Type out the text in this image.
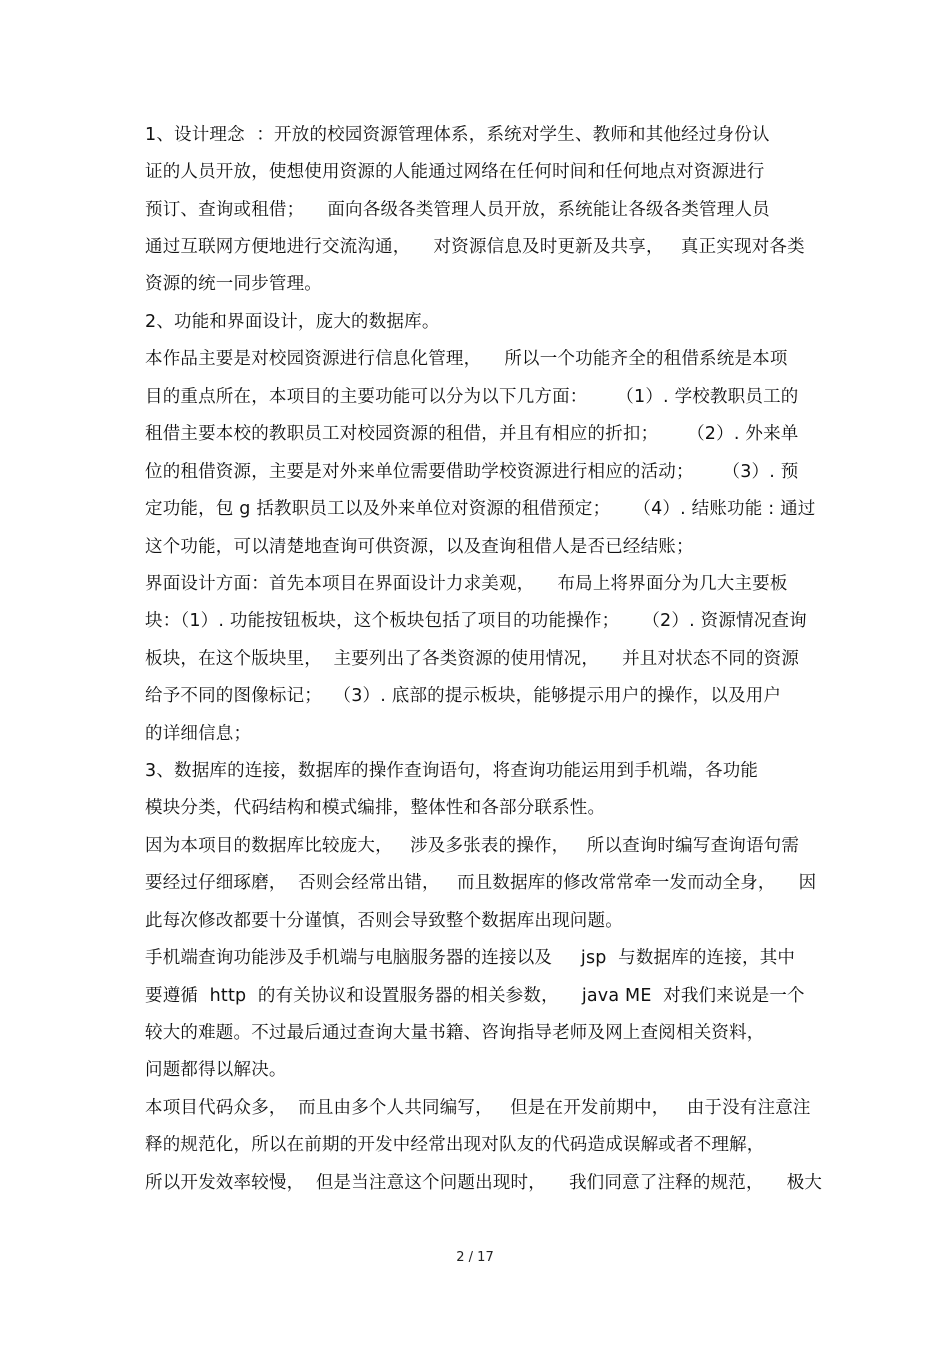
1、设计理念  ：开放的校园资源管理体系，系统对学生、教师和其他经过身份认
证的人员开放，使想使用资源的人能通过网络在任何时间和任何地点对资源进行
预订、查询或租借；    面向各级各类管理人员开放，系统能让各级各类管理人员
通过互联网方便地进行交流沟通，    对资源信息及时更新及共享，   真正实现对各类
资源的统一同步管理。
2、功能和界面设计，庞大的数据库。
本作品主要是对校园资源进行信息化管理，    所以一个功能齐全的租借系统是本项
目的重点所在，本项目的主要功能可以分为以下几方面：     （1）. 学校教职员工的
租借主要本校的教职员工对校园资源的租借，并且有相应的折扣；     （2）. 外来单
位的租借资源，主要是对外来单位需要借助学校资源进行相应的活动；     （3）. 预
定功能，包 g 括教职员工以及外来单位对资源的租借预定；    （4）. 结账功能 : 通过
这个功能，可以清楚地查询可供资源，以及查询租借人是否已经结账；
界面设计方面：首先本项目在界面设计力求美观，    布局上将界面分为几大主要板
块：（1）. 功能按钮板块，这个板块包括了项目的功能操作；    （2）. 资源情况查询
板块，在这个版块里，  主要列出了各类资源的使用情况，    并且对状态不同的资源
给予不同的图像标记；  （3）. 底部的提示板块，能够提示用户的操作，以及用户
的详细信息；
3、数据库的连接，数据库的操作查询语句，将查询功能运用到手机端，各功能
模块分类，代码结构和模式编排，整体性和各部分联系性。
因为本项目的数据库比较庞大，   涉及多张表的操作，   所以查询时编写查询语句需
要经过仔细琢磨，  否则会经常出错，   而且数据库的修改常常牵一发而动全身，    因
此每次修改都要十分谨慎，否则会导致整个数据库出现问题。
手机端查询功能涉及手机端与电脑服务器的连接以及     jsp  与数据库的连接，其中
要遵循  http  的有关协议和设置服务器的相关参数，    java ME  对我们来说是一个
较大的难题。不过最后通过查询大量书籍、咨询指导老师及网上查阅相关资料，
问题都得以解决。
本项目代码众多，  而且由多个人共同编写，   但是在开发前期中，   由于没有注意注
释的规范化，所以在前期的开发中经常出现对队友的代码造成误解或者不理解，
所以开发效率较慢，  但是当注意这个问题出现时，    我们同意了注释的规范，    极大
2 / 17
